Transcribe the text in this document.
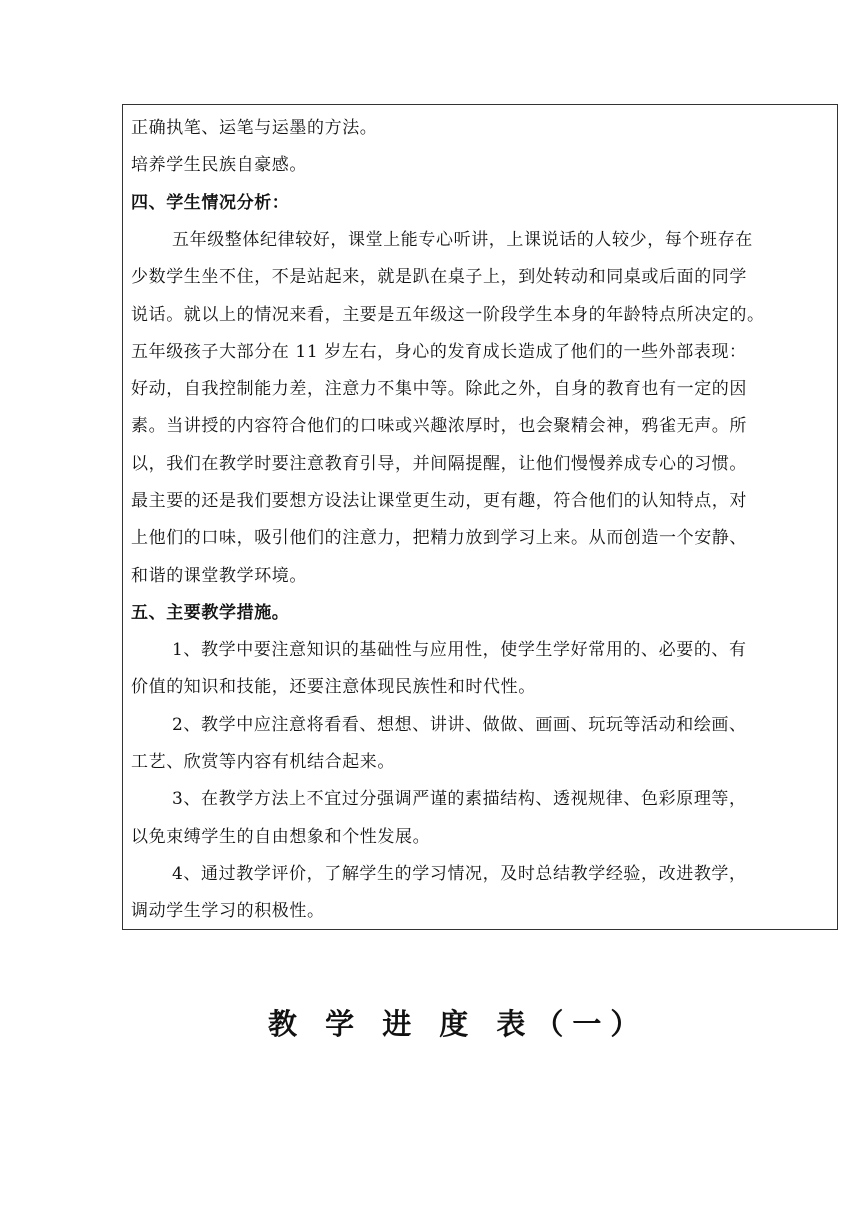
正确执笔、运笔与运墨的方法。
培养学生民族自豪感。
四、学生情况分析：
五年级整体纪律较好，课堂上能专心听讲，上课说话的人较少，每个班存在
少数学生坐不住，不是站起来，就是趴在桌子上，到处转动和同桌或后面的同学
说话。就以上的情况来看，主要是五年级这一阶段学生本身的年龄特点所决定的。
五年级孩子大部分在 11 岁左右，身心的发育成长造成了他们的一些外部表现：
好动，自我控制能力差，注意力不集中等。除此之外，自身的教育也有一定的因
素。当讲授的内容符合他们的口味或兴趣浓厚时，也会聚精会神，鸦雀无声。所
以，我们在教学时要注意教育引导，并间隔提醒，让他们慢慢养成专心的习惯。
最主要的还是我们要想方设法让课堂更生动，更有趣，符合他们的认知特点，对
上他们的口味，吸引他们的注意力，把精力放到学习上来。从而创造一个安静、
和谐的课堂教学环境。
五、主要教学措施。
1、教学中要注意知识的基础性与应用性，使学生学好常用的、必要的、有
价值的知识和技能，还要注意体现民族性和时代性。
2、教学中应注意将看看、想想、讲讲、做做、画画、玩玩等活动和绘画、
工艺、欣赏等内容有机结合起来。
3、在教学方法上不宜过分强调严谨的素描结构、透视规律、色彩原理等，
以免束缚学生的自由想象和个性发展。
4、通过教学评价，了解学生的学习情况，及时总结教学经验，改进教学，
调动学生学习的积极性。
教 学 进 度 表（一）
